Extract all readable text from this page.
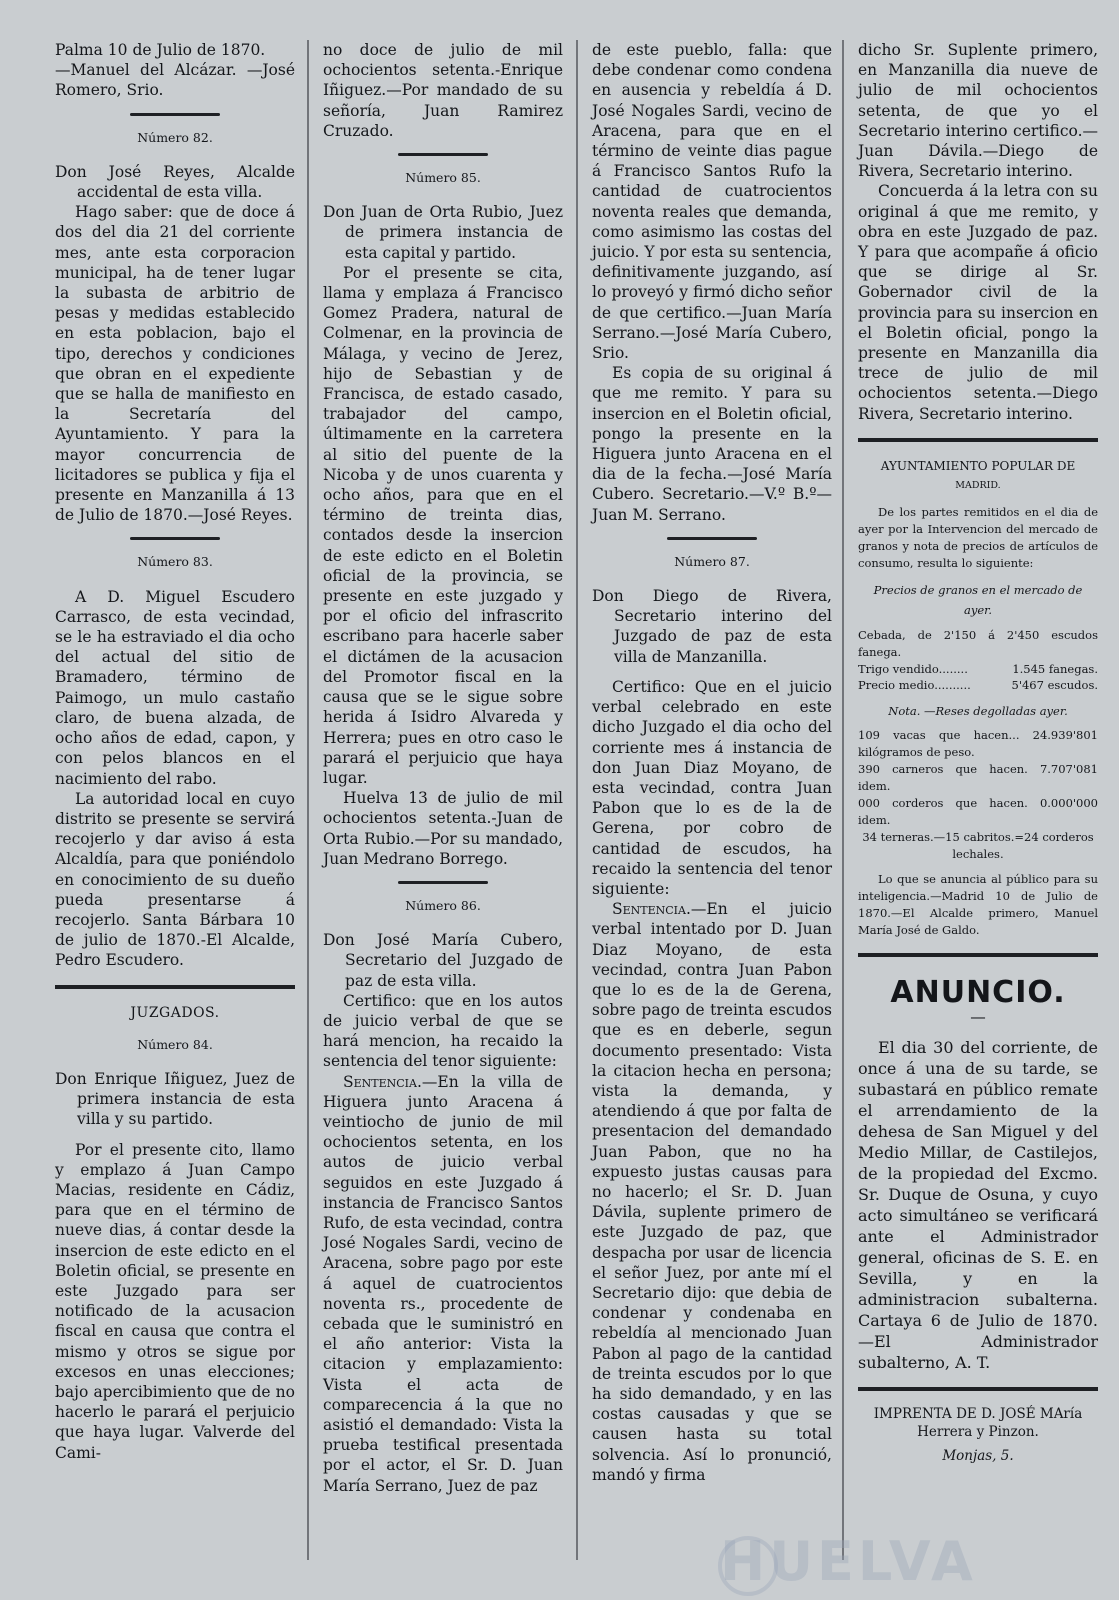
Palma 10 de Julio de 1870.

—Manuel del Alcázar. —José Romero, Srio.

Número 82.

Don José Reyes, Alcalde accidental de esta villa.

Hago saber: que de doce á dos del dia 21 del corriente mes, ante esta corporacion municipal, ha de tener lugar la subasta de arbitrio de pesas y medidas establecido en esta poblacion, bajo el tipo, derechos y condiciones que obran en el expediente que se halla de manifiesto en la Secretaría del Ayuntamiento. Y para la mayor concurrencia de licitadores se publica y fija el presente en Manzanilla á 13 de Julio de 1870.—José Reyes.

Número 83.

A D. Miguel Escudero Carrasco, de esta vecindad, se le ha estraviado el dia ocho del actual del sitio de Bramadero, término de Paimogo, un mulo castaño claro, de buena alzada, de ocho años de edad, capon, y con pelos blancos en el nacimiento del rabo.

La autoridad local en cuyo distrito se presente se servirá recojerlo y dar aviso á esta Alcaldía, para que poniéndolo en conocimiento de su dueño pueda presentarse á recojerlo. Santa Bárbara 10 de julio de 1870.-El Alcalde, Pedro Escudero.

JUZGADOS.
Número 84.

Don Enrique Iñiguez, Juez de primera instancia de esta villa y su partido.

Por el presente cito, llamo y emplazo á Juan Campo Macias, residente en Cádiz, para que en el término de nueve dias, á contar desde la insercion de este edicto en el Boletin oficial, se presente en este Juzgado para ser notificado de la acusacion fiscal en causa que contra el mismo y otros se sigue por excesos en unas elecciones; bajo apercibimiento que de no hacerlo le parará el perjuicio que haya lugar. Valverde del Cami-

no doce de julio de mil ochocientos setenta.-Enrique Iñiguez.—Por mandado de su señoría, Juan Ramirez Cruzado.

Número 85.

Don Juan de Orta Rubio, Juez de primera instancia de esta capital y partido.

Por el presente se cita, llama y emplaza á Francisco Gomez Pradera, natural de Colmenar, en la provincia de Málaga, y vecino de Jerez, hijo de Sebastian y de Francisca, de estado casado, trabajador del campo, últimamente en la carretera al sitio del puente de la Nicoba y de unos cuarenta y ocho años, para que en el término de treinta dias, contados desde la insercion de este edicto en el Boletin oficial de la provincia, se presente en este juzgado y por el oficio del infrascrito escribano para hacerle saber el dictámen de la acusacion del Promotor fiscal en la causa que se le sigue sobre herida á Isidro Alvareda y Herrera; pues en otro caso le parará el perjuicio que haya lugar.

Huelva 13 de julio de mil ochocientos setenta.-Juan de Orta Rubio.—Por su mandado, Juan Medrano Borrego.

Número 86.

Don José María Cubero, Secretario del Juzgado de paz de esta villa.

Certifico: que en los autos de juicio verbal de que se hará mencion, ha recaido la sentencia del tenor siguiente:

Sentencia.—En la villa de Higuera junto Aracena á veintiocho de junio de mil ochocientos setenta, en los autos de juicio verbal seguidos en este Juzgado á instancia de Francisco Santos Rufo, de esta vecindad, contra José Nogales Sardi, vecino de Aracena, sobre pago por este á aquel de cuatrocientos noventa rs., procedente de cebada que le suministró en el año anterior: Vista la citacion y emplazamiento: Vista el acta de comparecencia á la que no asistió el demandado: Vista la prueba testifical presentada por el actor, el Sr. D. Juan María Serrano, Juez de paz

de este pueblo, falla: que debe condenar como condena en ausencia y rebeldía á D. José Nogales Sardi, vecino de Aracena, para que en el término de veinte dias pague á Francisco Santos Rufo la cantidad de cuatrocientos noventa reales que demanda, como asimismo las costas del juicio. Y por esta su sentencia, definitivamente juzgando, así lo proveyó y firmó dicho señor de que certifico.—Juan María Serrano.—José María Cubero, Srio.

Es copia de su original á que me remito. Y para su insercion en el Boletin oficial, pongo la presente en la Higuera junto Aracena en el dia de la fecha.—José María Cubero. Secretario.—V.º B.º—Juan M. Serrano.

Número 87.

Don Diego de Rivera, Secretario interino del Juzgado de paz de esta villa de Manzanilla.

Certifico: Que en el juicio verbal celebrado en este dicho Juzgado el dia ocho del corriente mes á instancia de don Juan Diaz Moyano, de esta vecindad, contra Juan Pabon que lo es de la de Gerena, por cobro de cantidad de escudos, ha recaido la sentencia del tenor siguiente:

Sentencia.—En el juicio verbal intentado por D. Juan Diaz Moyano, de esta vecindad, contra Juan Pabon que lo es de la de Gerena, sobre pago de treinta escudos que es en deberle, segun documento presentado: Vista la citacion hecha en persona; vista la demanda, y atendiendo á que por falta de presentacion del demandado Juan Pabon, que no ha expuesto justas causas para no hacerlo; el Sr. D. Juan Dávila, suplente primero de este Juzgado de paz, que despacha por usar de licencia el señor Juez, por ante mí el Secretario dijo: que debia de condenar y condenaba en rebeldía al mencionado Juan Pabon al pago de la cantidad de treinta escudos por lo que ha sido demandado, y en las costas causadas y que se causen hasta su total solvencia. Así lo pronunció, mandó y firma

dicho Sr. Suplente primero, en Manzanilla dia nueve de julio de mil ochocientos setenta, de que yo el Secretario interino certifico.—Juan Dávila.—Diego de Rivera, Secretario interino.

Concuerda á la letra con su original á que me remito, y obra en este Juzgado de paz. Y para que acompañe á oficio que se dirige al Sr. Gobernador civil de la provincia para su insercion en el Boletin oficial, pongo la presente en Manzanilla dia trece de julio de mil ochocientos setenta.—Diego Rivera, Secretario interino.

AYUNTAMIENTO POPULAR DE
MADRID.

De los partes remitidos en el dia de ayer por la Intervencion del mercado de granos y nota de precios de artículos de consumo, resulta lo siguiente:

Precios de granos en el mercado de ayer.

Cebada, de 2'150 á 2'450 escudos fanega.

Trigo vendido........	1.545 fanegas.
Precio medio..........	5'467 escudos.
Nota. —Reses degolladas ayer.

109 vacas que hacen... 24.939'801 kilógramos de peso.

390 carneros que hacen. 7.707'081 idem.

000 corderos que hacen. 0.000'000 idem.

34 terneras.—15 cabritos.=24 corderos lechales.

Lo que se anuncia al público para su inteligencia.—Madrid 10 de Julio de 1870.—El Alcalde primero, Manuel María José de Galdo.

ANUNCIO.
—

El dia 30 del corriente, de once á una de su tarde, se subastará en público remate el arrendamiento de la dehesa de San Miguel y del Medio Millar, de Castilejos, de la propiedad del Excmo. Sr. Duque de Osuna, y cuyo acto simultáneo se verificará ante el Administrador general, oficinas de S. E. en Sevilla, y en la administracion subalterna. Cartaya 6 de Julio de 1870. —El Administrador subalterno, A. T.

IMPRENTA DE D. JOSÉ MAría Herrera y Pinzon.
Monjas, 5.
HUELVA
